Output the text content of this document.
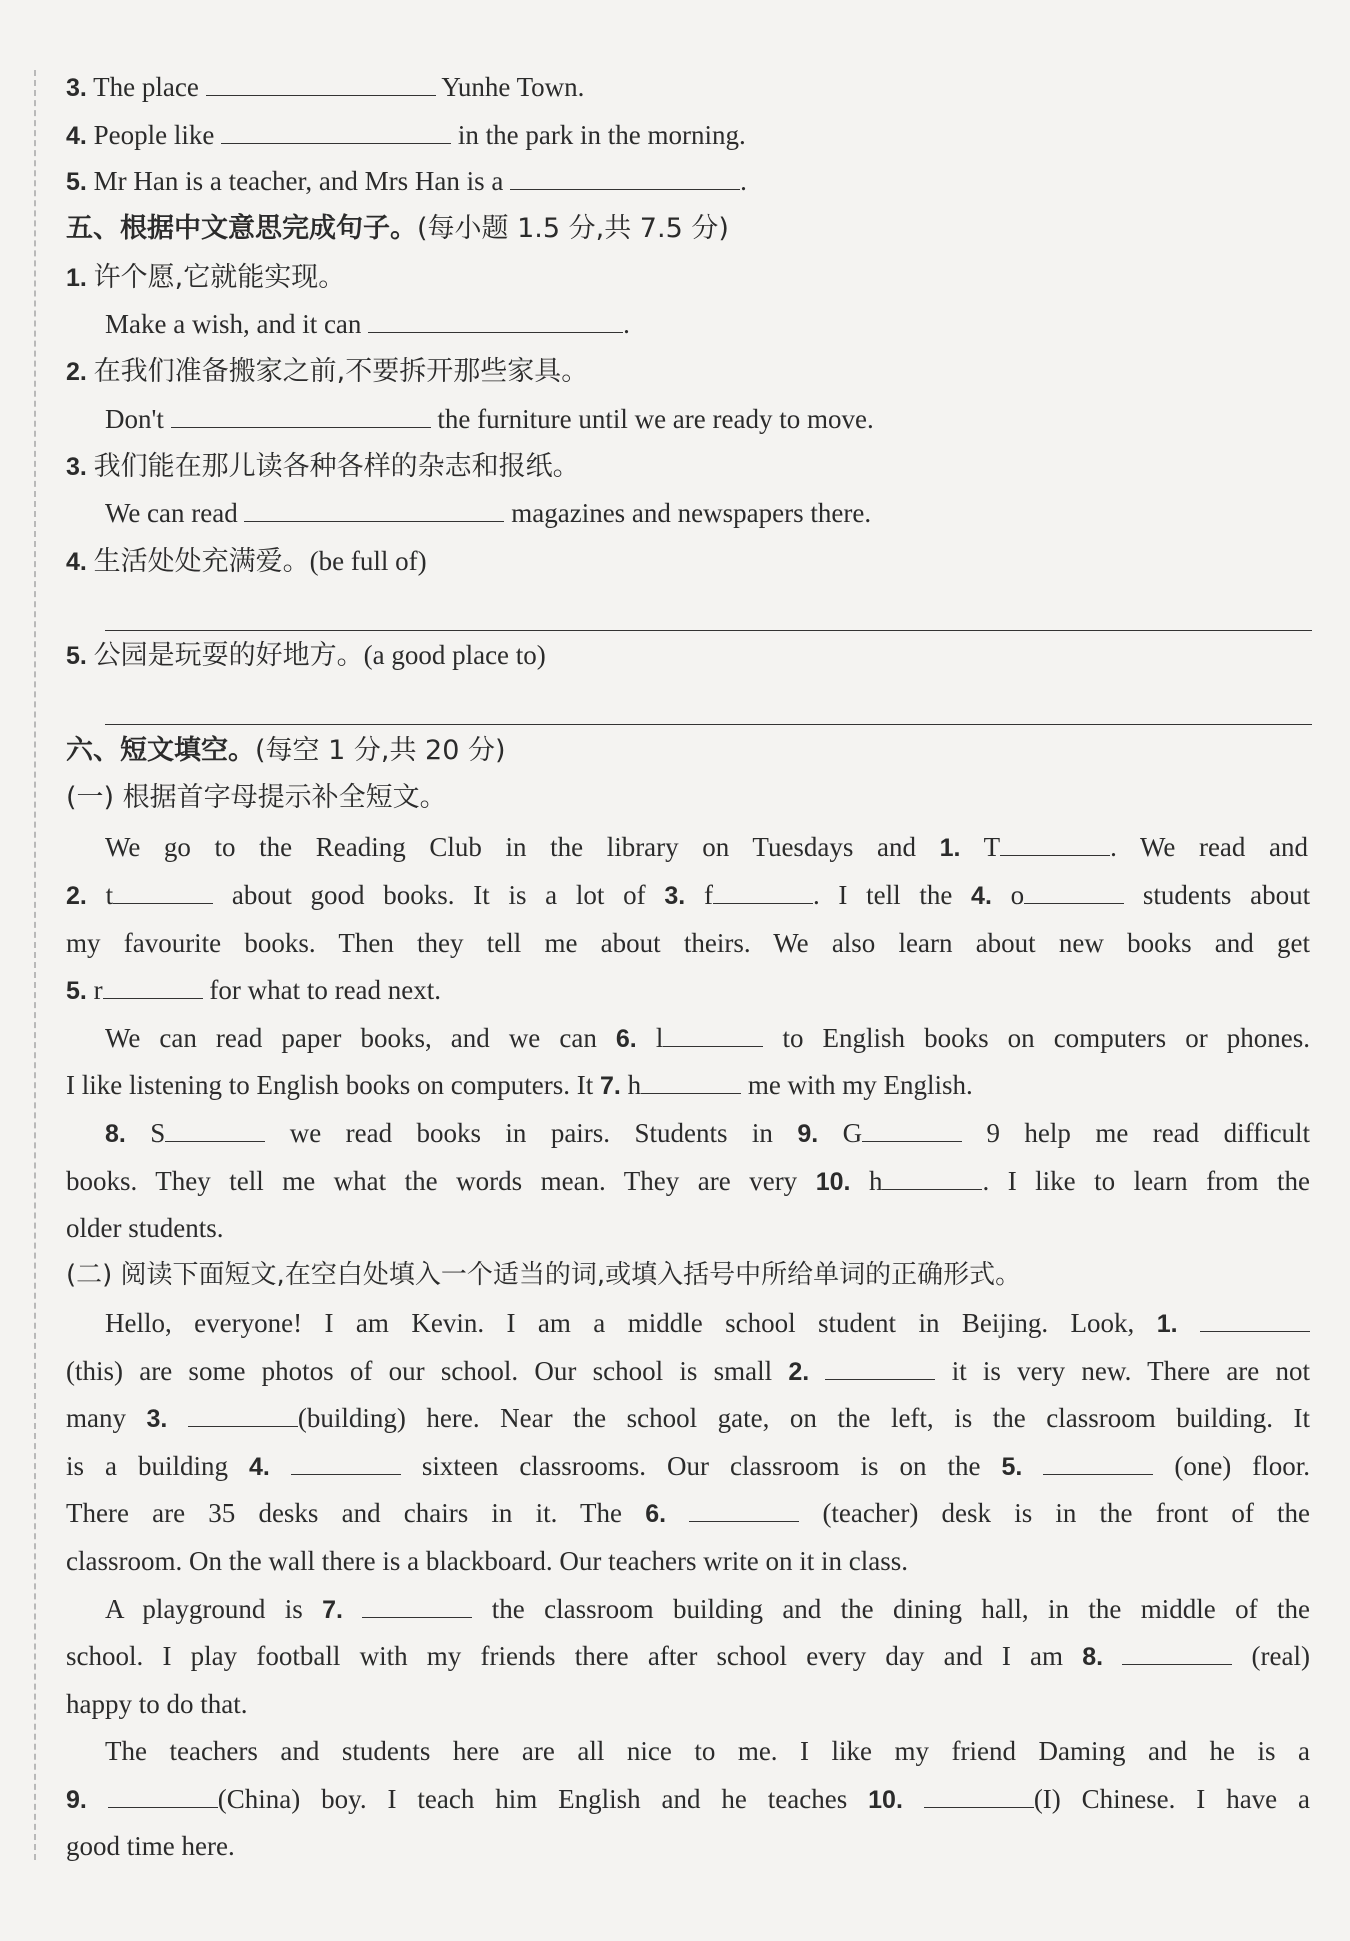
3. The place	Yunhe Town.
4. People like	in the park in the morning.
5. Mr Han is a teacher, and Mrs Han is a	.
五、根据中文意思完成句子。(每小题 1.5 分,共 7.5 分)
1. 许个愿,它就能实现。
Make a wish, and it can	.
2. 在我们准备搬家之前,不要拆开那些家具。
Don't	the furniture until we are ready to move.
3. 我们能在那儿读各种各样的杂志和报纸。
We can read	magazines and newspapers there.
4. 生活处处充满爱。(be full of)
5. 公园是玩耍的好地方。(a good place to)
六、短文填空。(每空 1 分,共 20 分)
(一) 根据首字母提示补全短文。
We go to the Reading Club in the library on Tuesdays and 1. T	. We read and
2. t	about good books. It is a lot of 3. f	. I tell the 4. o	students about
my favourite books. Then they tell me about theirs. We also learn about new books and get
5. r	for what to read next.
We can read paper books, and we can 6. l	to English books on computers or phones.
I like listening to English books on computers. It 7. h	me with my English.
8. S	we read books in pairs. Students in 9. G	9 help me read difficult
books. They tell me what the words mean. They are very 10. h	. I like to learn from the
older students.
(二) 阅读下面短文,在空白处填入一个适当的词,或填入括号中所给单词的正确形式。
Hello, everyone! I am Kevin. I am a middle school student in Beijing. Look, 1.
(this) are some photos of our school. Our school is small 2.	it is very new. There are not
many 3.	(building) here. Near the school gate, on the left, is the classroom building. It
is a building 4.	sixteen classrooms. Our classroom is on the 5.	(one) floor.
There are 35 desks and chairs in it. The 6.	(teacher) desk is in the front of the
classroom. On the wall there is a blackboard. Our teachers write on it in class.
A playground is 7.	the classroom building and the dining hall, in the middle of the
school. I play football with my friends there after school every day and I am 8.	(real)
happy to do that.
The teachers and students here are all nice to me. I like my friend Daming and he is a
9.	(China) boy. I teach him English and he teaches 10.	(I) Chinese. I have a
good time here.
